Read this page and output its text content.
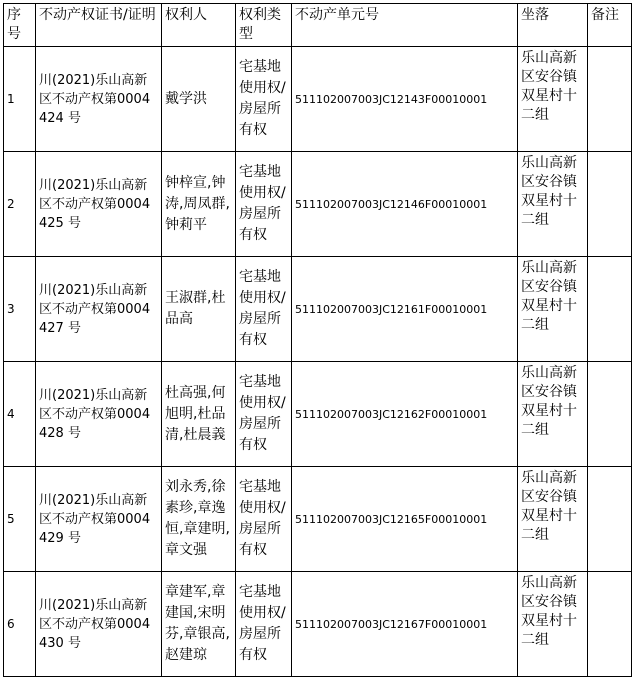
序号	不动产权证书/证明	权利人	权利类型	不动产单元号	坐落	备注
1	川(2021)乐山高新区不动产权第0004424 号	戴学洪	宅基地使用权/房屋所有权	511102007003JC12143F00010001	乐山高新区安谷镇双星村十二组	
2	川(2021)乐山高新区不动产权第0004425 号	钟梓宣,钟涛,周凤群,钟莉平	宅基地使用权/房屋所有权	511102007003JC12146F00010001	乐山高新区安谷镇双星村十二组	
3	川(2021)乐山高新区不动产权第0004427 号	王淑群,杜品高	宅基地使用权/房屋所有权	511102007003JC12161F00010001	乐山高新区安谷镇双星村十二组	
4	川(2021)乐山高新区不动产权第0004428 号	杜高强,何旭明,杜品清,杜晨義	宅基地使用权/房屋所有权	511102007003JC12162F00010001	乐山高新区安谷镇双星村十二组	
5	川(2021)乐山高新区不动产权第0004429 号	刘永秀,徐素珍,章逸恒,章建明,章文强	宅基地使用权/房屋所有权	511102007003JC12165F00010001	乐山高新区安谷镇双星村十二组	
6	川(2021)乐山高新区不动产权第0004430 号	章建军,章建国,宋明芬,章银高,赵建琼	宅基地使用权/房屋所有权	511102007003JC12167F00010001	乐山高新区安谷镇双星村十二组	
